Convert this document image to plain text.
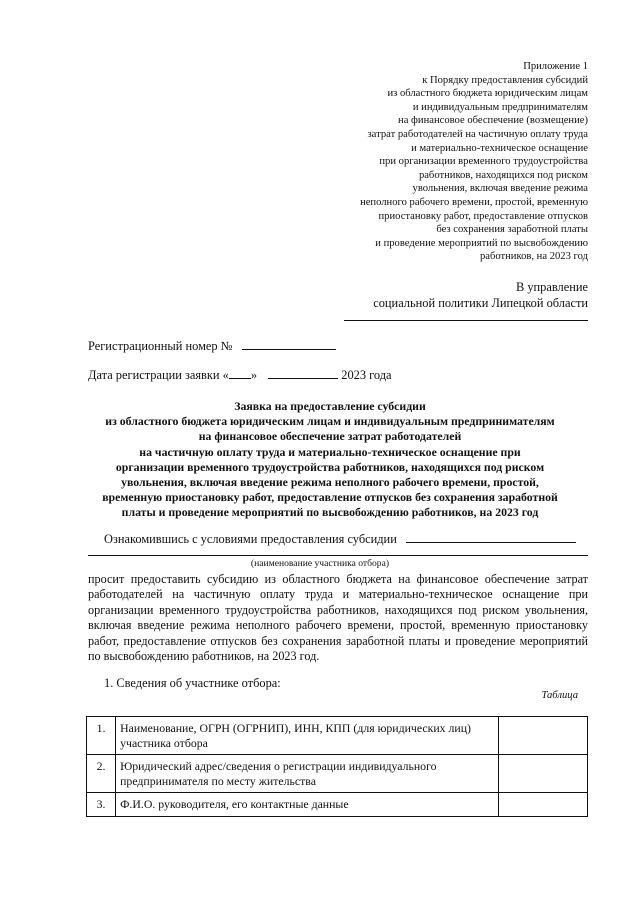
Приложение 1
к Порядку предоставления субсидий
из областного бюджета юридическим лицам
и индивидуальным предпринимателям
на финансовое обеспечение (возмещение)
затрат работодателей на частичную оплату труда
и материально-техническое оснащение
при организации временного трудоустройства
работников, находящихся под риском
увольнения, включая введение режима
неполного рабочего времени, простой, временную
приостановку работ, предоставление отпусков
без сохранения заработной платы
и проведение мероприятий по высвобождению
работников, на 2023 год
В управление
социальной политики Липецкой области
Регистрационный номер №
Дата регистрации заявки « »	2023 года
Заявка на предоставление субсидии
из областного бюджета юридическим лицам и индивидуальным предпринимателям
на финансовое обеспечение затрат работодателей
на частичную оплату труда и материально-техническое оснащение при
организации временного трудоустройства работников, находящихся под риском
увольнения, включая введение режима неполного рабочего времени, простой,
временную приостановку работ, предоставление отпусков без сохранения заработной
платы и проведение мероприятий по высвобождению работников, на 2023 год
Ознакомившись с условиями предоставления субсидии
(наименование участника отбора)
просит предоставить субсидию из областного бюджета на финансовое обеспечение затрат работодателей на частичную оплату труда и материально-техническое оснащение при организации временного трудоустройства работников, находящихся под риском увольнения, включая введение режима неполного рабочего времени, простой, временную приостановку работ, предоставление отпусков без сохранения заработной платы и проведение мероприятий по высвобождению работников, на 2023 год.
1. Сведения об участнике отбора:
Таблица
1.	Наименование, ОГРН (ОГРНИП), ИНН, КПП (для юридических лиц) участника отбора	
2.	Юридический адрес/сведения о регистрации индивидуального предпринимателя по месту жительства	
3.	Ф.И.О. руководителя, его контактные данные	
